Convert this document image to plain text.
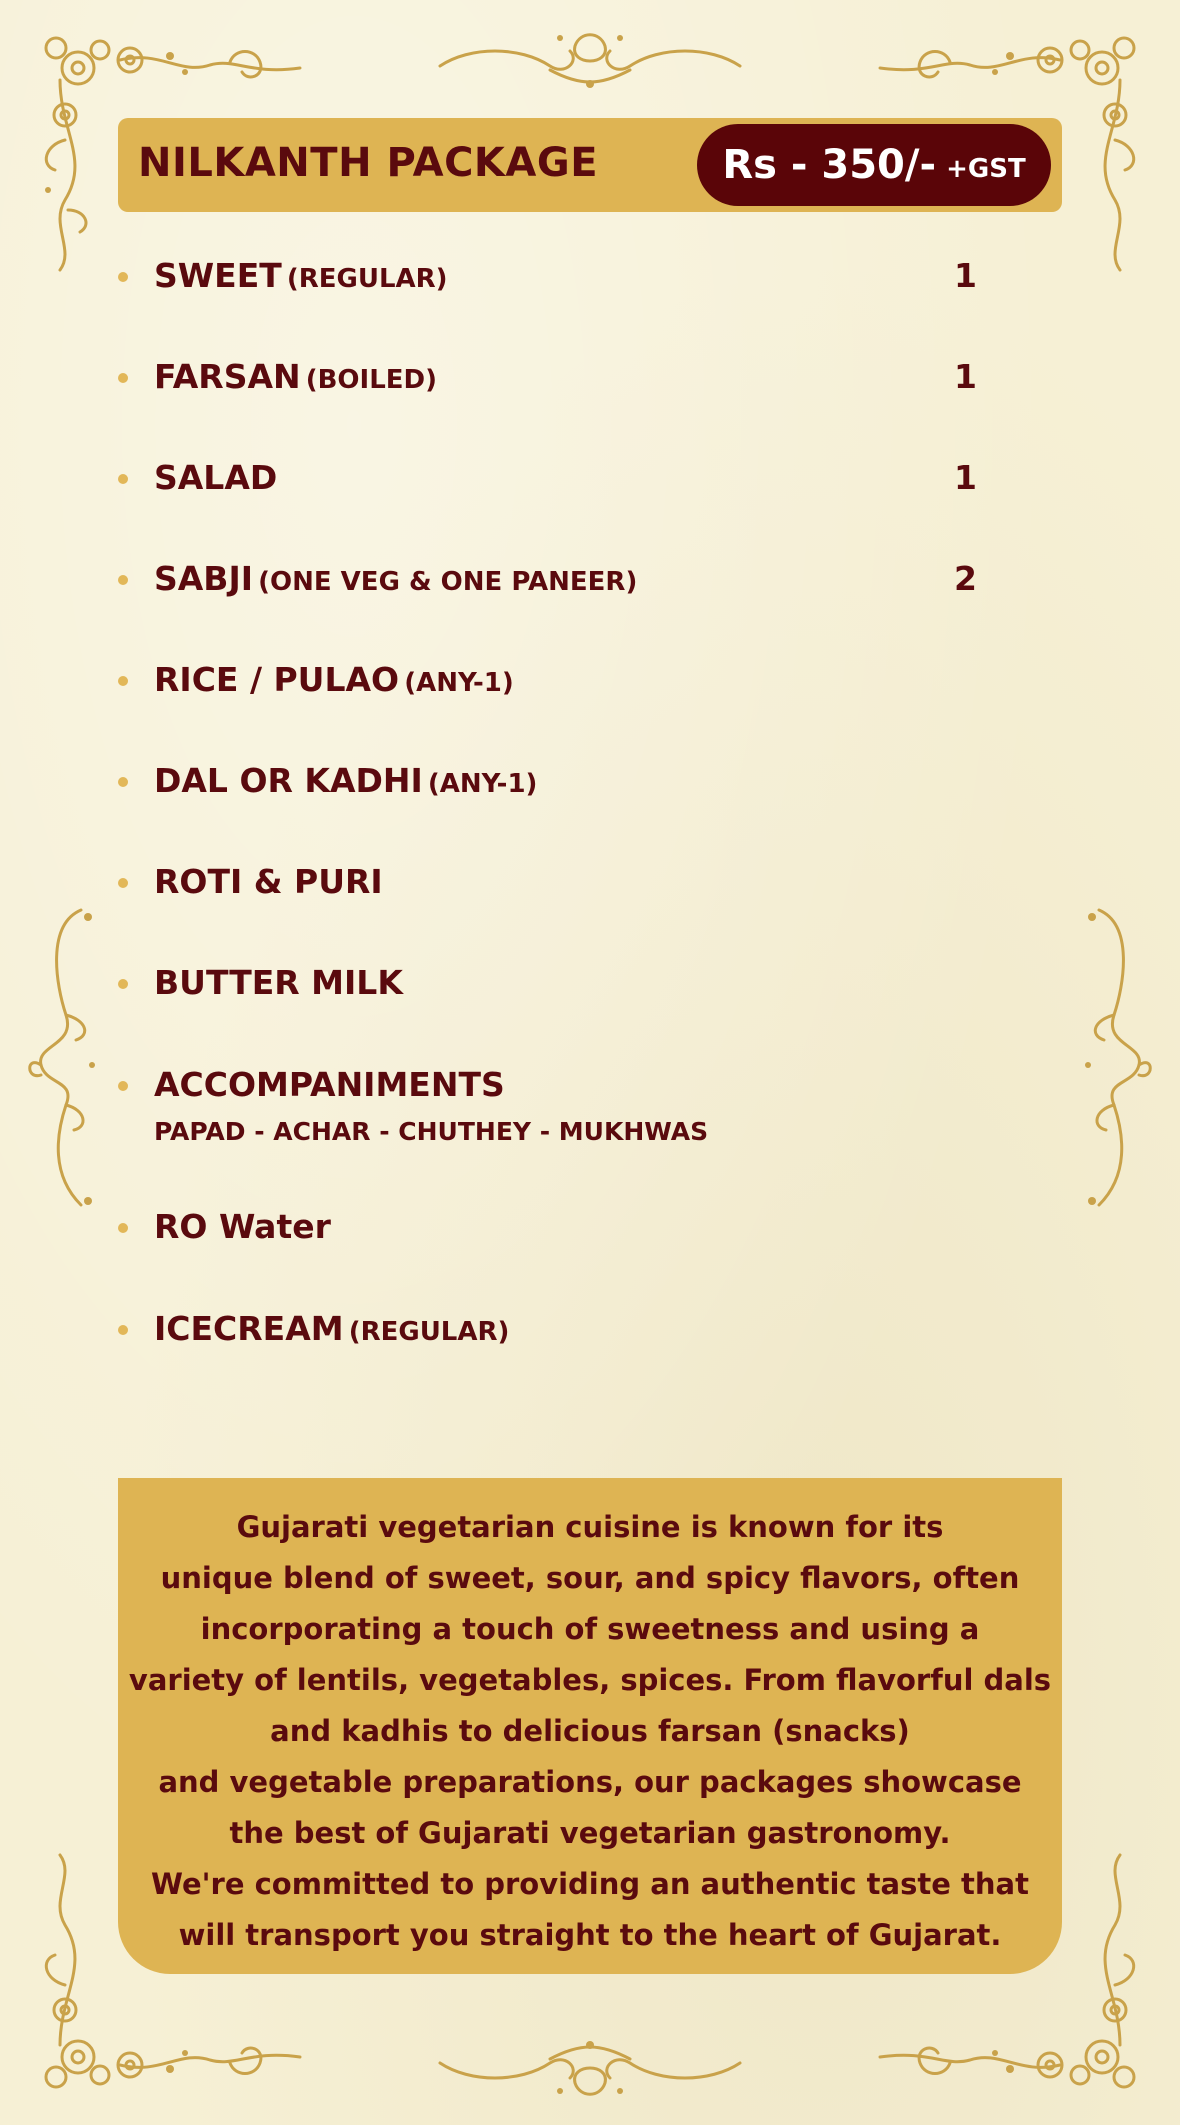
NILKANTH PACKAGE	Rs - 350/- +GST
SWEET (REGULAR)	1
FARSAN (BOILED)	1
SALAD	1
SABJI (ONE VEG & ONE PANEER)	2
RICE / PULAO (ANY-1)
DAL OR KADHI (ANY-1)
ROTI & PURI
BUTTER MILK
ACCOMPANIMENTS
PAPAD - ACHAR - CHUTHEY - MUKHWAS
RO Water
ICECREAM (REGULAR)
Gujarati vegetarian cuisine is known for its
unique blend of sweet, sour, and spicy flavors, often
incorporating a touch of sweetness and using a
variety of lentils, vegetables, spices. From flavorful dals
and kadhis to delicious farsan (snacks)
and vegetable preparations, our packages showcase
the best of Gujarati vegetarian gastronomy.
We're committed to providing an authentic taste that
will transport you straight to the heart of Gujarat.
